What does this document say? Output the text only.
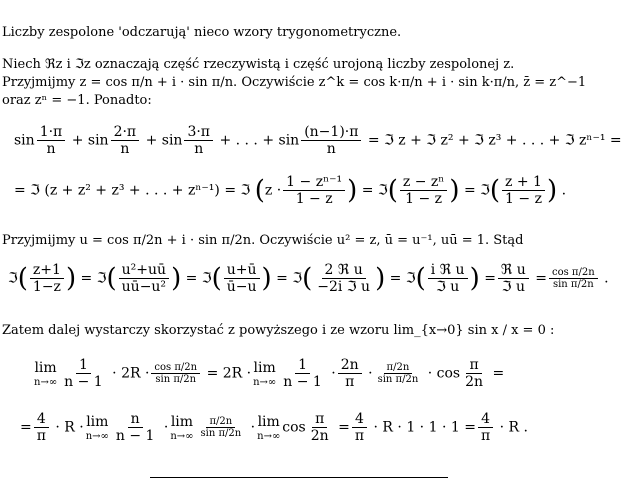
Liczby zespolone 'odczarują' nieco wzory trygonometryczne.
Niech ℜz i ℑz oznaczają część rzeczywistą i część urojoną liczby zespolonej z.
Przyjmijmy z = cos π/n + i · sin π/n. Oczywiście z^k = cos k·π/n + i · sin k·π/n, z̄ = z^−1
oraz zⁿ = −1. Ponadto:
$\sin \frac{1\cdot\pi}{n} + \sin \frac{2\cdot\pi}{n} + \sin \frac{3\cdot\pi}{n}$ + . . . + $\sin \frac{(n-1)\cdot\pi}{n}$ = ℑ z + ℑ z² + ℑ z³ + . . . + ℑ zⁿ⁻¹ =
= ℑ (z + z² + z³ + . . . + zⁿ⁻¹) = ℑ ($z \cdot \frac{\text{1 − zⁿ⁻¹}}{1 - z}$ ) = ℑ( $\frac{\text{z − zⁿ}}{1 - z}$ ) = ℑ( $\frac{z + 1}{1 - z}$ ) .
Przyjmijmy u = cos π/2n + i · sin π/2n. Oczywiście u² = z, ū = u⁻¹, uū = 1. Stąd
ℑ( $\frac{z+1}{1-z}$ ) = ℑ( $\frac{\text{u²+uū}}{\text{uū−u²}}$ ) = ℑ( $\frac{u+ū}{ū-u}$ ) = ℑ( $\frac{\text{2 ℜ u}}{\text{−2i ℑ u}}$ ) = ℑ( $\frac{\text{i ℜ u}}{\text{ℑ u}}$ ) = $\frac{\text{ℜ u}}{\text{ℑ u}} = \frac{\text{cos π/2n}}{\text{sin π/2n}}$ .
Zatem dalej wystarczy skorzystać z powyższego i ze wzoru lim_{x→0} sin x / x = 0 :
lim
$n\to\infty \frac{1}{n - 1} \cdot 2R \cdot \frac{\text{cos π/2n}}{\text{sin π/2n}} = 2R \cdot \lim$
$n\to\infty \frac{1}{n - 1} \cdot \frac{2n}{\pi} \cdot \frac{\pi/2n}{\text{sin π/2n}} \cdot \cos \frac{\pi}{2n}$ =
= $\frac{4}{\pi} \cdot R \cdot \lim$
$n\to\infty \frac{n}{n - 1} \cdot \lim$
$n\to\infty \frac{\pi/2n}{\text{sin π/2n}} \cdot \lim$
n→∞
$\cos \frac{\pi}{2n} = \frac{4}{\pi} \cdot R \cdot 1 \cdot 1 \cdot 1 = \frac{4}{\pi} \cdot R$ .
